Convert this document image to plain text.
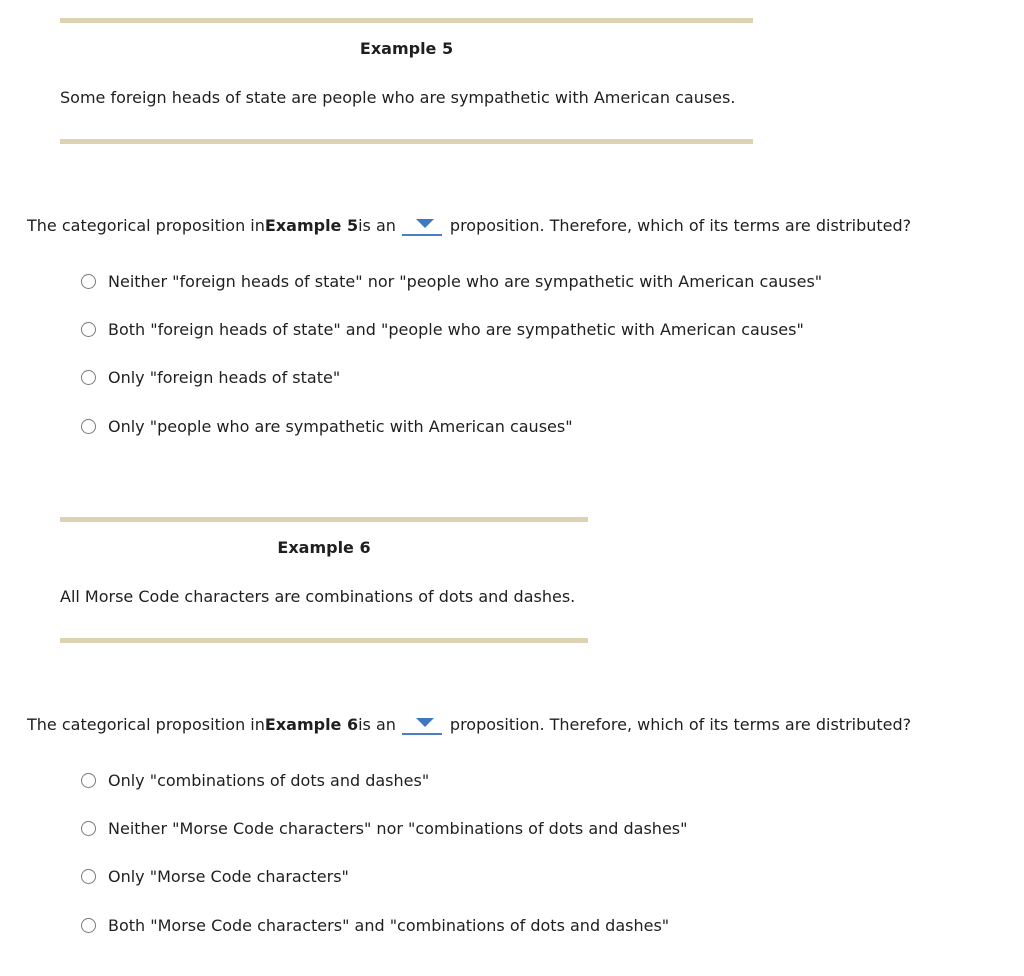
Example 5
Some foreign heads of state are people who are sympathetic with American causes.
The categorical proposition in Example 5 is an	proposition. Therefore, which of its terms are distributed?
Neither "foreign heads of state" nor "people who are sympathetic with American causes"
Both "foreign heads of state" and "people who are sympathetic with American causes"
Only "foreign heads of state"
Only "people who are sympathetic with American causes"
Example 6
All Morse Code characters are combinations of dots and dashes.
The categorical proposition in Example 6 is an	proposition. Therefore, which of its terms are distributed?
Only "combinations of dots and dashes"
Neither "Morse Code characters" nor "combinations of dots and dashes"
Only "Morse Code characters"
Both "Morse Code characters" and "combinations of dots and dashes"
